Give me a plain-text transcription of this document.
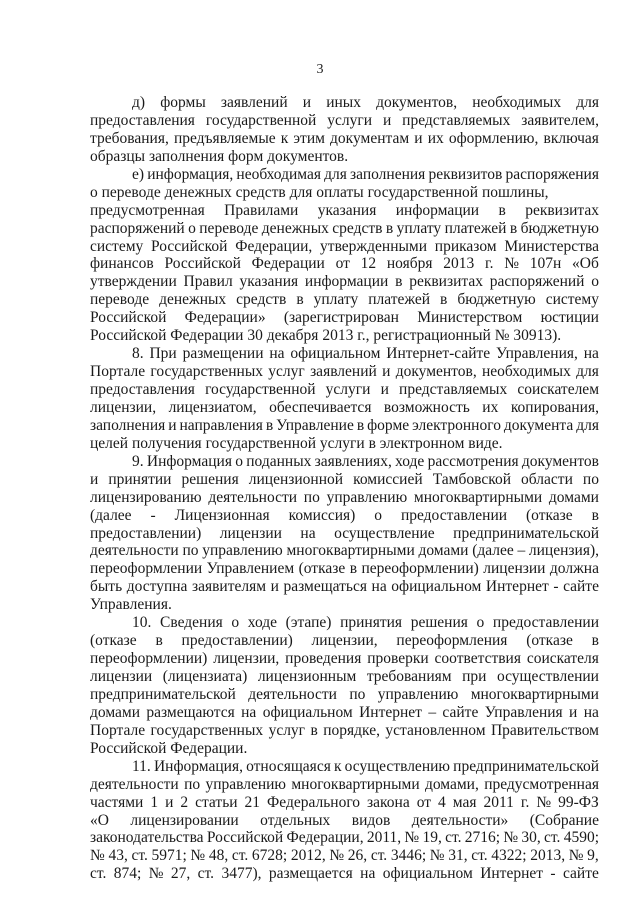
3
д) формы заявлений и иных документов, необходимых для
предоставления государственной услуги и представляемых заявителем,
требования, предъявляемые к этим документам и их оформлению, включая
образцы заполнения форм документов.
е) информация, необходимая для заполнения реквизитов распоряжения
о переводе денежных средств для оплаты государственной пошлины,
предусмотренная Правилами указания информации в реквизитах
распоряжений о переводе денежных средств в уплату платежей в бюджетную
систему Российской Федерации, утвержденными приказом Министерства
финансов Российской Федерации от 12 ноября 2013 г. № 107н «Об
утверждении Правил указания информации в реквизитах распоряжений о
переводе денежных средств в уплату платежей в бюджетную систему
Российской Федерации» (зарегистрирован Министерством юстиции
Российской Федерации 30 декабря 2013 г., регистрационный № 30913).
8. При размещении на официальном Интернет-сайте Управления, на
Портале государственных услуг заявлений и документов, необходимых для
предоставления государственной услуги и представляемых соискателем
лицензии, лицензиатом, обеспечивается возможность их копирования,
заполнения и направления в Управление в форме электронного документа для
целей получения государственной услуги в электронном виде.
9. Информация о поданных заявлениях, ходе рассмотрения документов
и принятии решения лицензионной комиссией Тамбовской области по
лицензированию деятельности по управлению многоквартирными домами
(далее - Лицензионная комиссия) о предоставлении (отказе в
предоставлении) лицензии на осуществление предпринимательской
деятельности по управлению многоквартирными домами (далее – лицензия),
переоформлении Управлением (отказе в переоформлении) лицензии должна
быть доступна заявителям и размещаться на официальном Интернет - сайте
Управления.
10. Сведения о ходе (этапе) принятия решения о предоставлении
(отказе в предоставлении) лицензии, переоформления (отказе в
переоформлении) лицензии, проведения проверки соответствия соискателя
лицензии (лицензиата) лицензионным требованиям при осуществлении
предпринимательской деятельности по управлению многоквартирными
домами размещаются на официальном Интернет – сайте Управления и на
Портале государственных услуг в порядке, установленном Правительством
Российской Федерации.
11. Информация, относящаяся к осуществлению предпринимательской
деятельности по управлению многоквартирными домами, предусмотренная
частями 1 и 2 статьи 21 Федерального закона от 4 мая 2011 г. № 99-ФЗ
«О лицензировании отдельных видов деятельности» (Собрание
законодательства Российской Федерации, 2011, № 19, ст. 2716; № 30, ст. 4590;
№ 43, ст. 5971; № 48, ст. 6728; 2012, № 26, ст. 3446; № 31, ст. 4322; 2013, № 9,
ст. 874; № 27, ст. 3477), размещается на официальном Интернет - сайте
